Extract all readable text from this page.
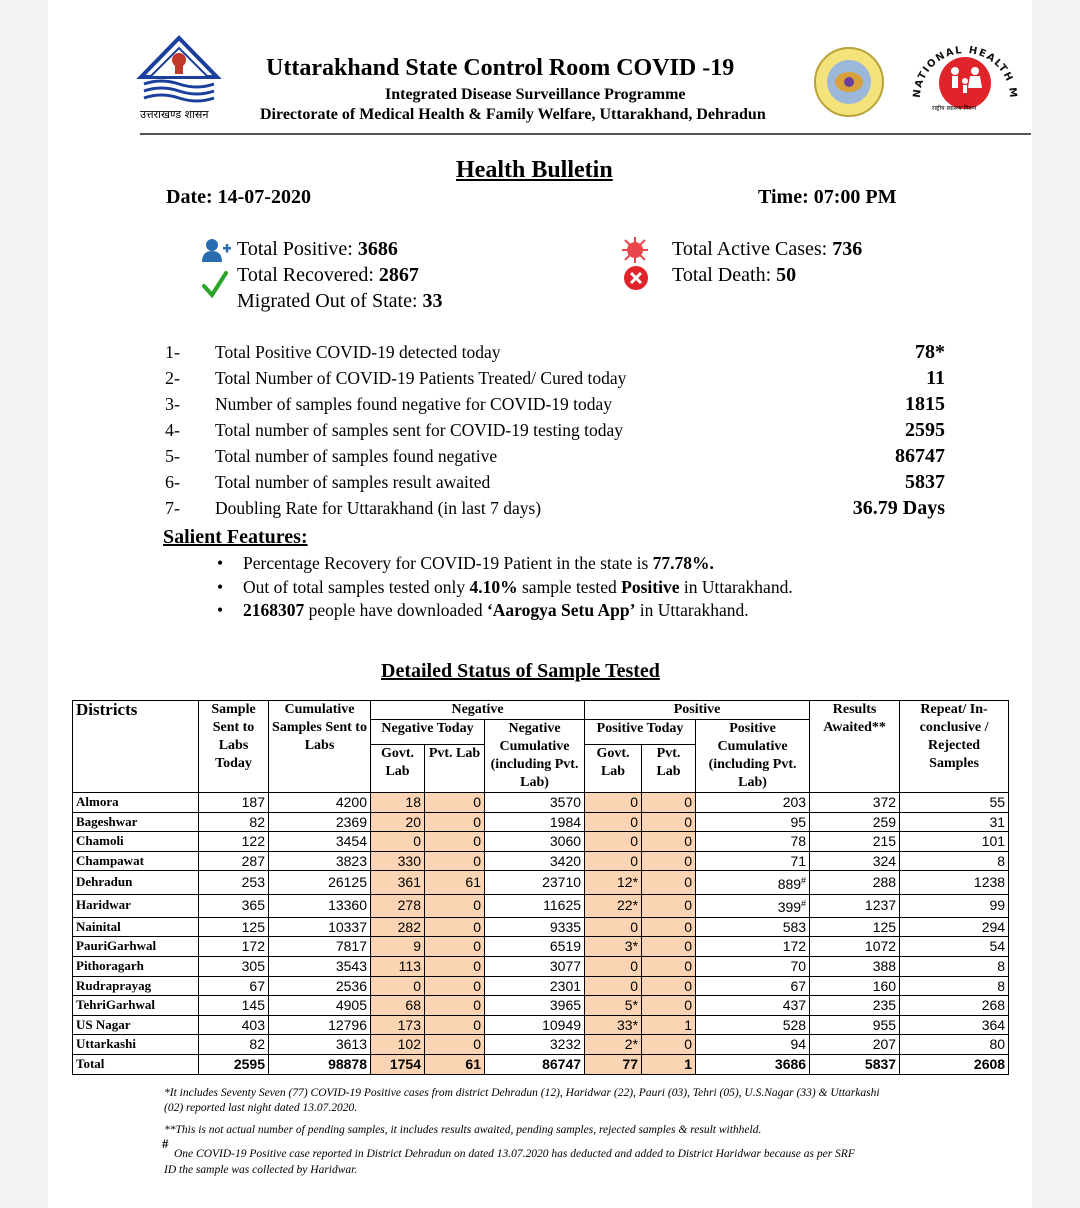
उत्तराखण्ड शासन
Uttarakhand State Control Room COVID -19
Integrated Disease Surveillance Programme
Directorate of Medical Health & Family Welfare, Uttarakhand, Dehradun
NATIONAL HEALTH M
राष्ट्रीय स्वास्थ्य मिशन
Health Bulletin
Date: 14-07-2020	Time: 07:00 PM
Total Positive: 3686
Total Recovered: 2867
Migrated Out of State: 33
Total Active Cases: 736
Total Death: 50
1- Total Positive COVID-19 detected today	78*
2- Total Number of COVID-19 Patients Treated/ Cured today	11
3- Number of samples found negative for COVID-19 today	1815
4- Total number of samples sent for COVID-19 testing today	2595
5- Total number of samples found negative	86747
6- Total number of samples result awaited	5837
7- Doubling Rate for Uttarakhand (in last 7 days)	36.79 Days
Salient Features:
• Percentage Recovery for COVID-19 Patient in the state is 77.78%.
• Out of total samples tested only 4.10% sample tested Positive in Uttarakhand.
• 2168307 people have downloaded ‘Aarogya Setu App’ in Uttarakhand.
Detailed Status of Sample Tested
Districts	Sample Sent to Labs Today	Cumulative Samples Sent to Labs	Negative			Positive			Results Awaited**	Repeat/ In-conclusive / Rejected Samples
			Negative Today		Negative Cumulative (including Pvt. Lab)	Positive Today		Positive Cumulative (including Pvt. Lab)		
			Govt. Lab	Pvt. Lab		Govt. Lab	Pvt. Lab			
Almora	187	4200	18	0	3570	0	0	203	372	55
Bageshwar	82	2369	20	0	1984	0	0	95	259	31
Chamoli	122	3454	0	0	3060	0	0	78	215	101
Champawat	287	3823	330	0	3420	0	0	71	324	8
Dehradun	253	26125	361	61	23710	12*	0	889#	288	1238
Haridwar	365	13360	278	0	11625	22*	0	399#	1237	99
Nainital	125	10337	282	0	9335	0	0	583	125	294
PauriGarhwal	172	7817	9	0	6519	3*	0	172	1072	54
Pithoragarh	305	3543	113	0	3077	0	0	70	388	8
Rudraprayag	67	2536	0	0	2301	0	0	67	160	8
TehriGarhwal	145	4905	68	0	3965	5*	0	437	235	268
US Nagar	403	12796	173	0	10949	33*	1	528	955	364
Uttarkashi	82	3613	102	0	3232	2*	0	94	207	80
Total	2595	98878	1754	61	86747	77	1	3686	5837	2608
*It includes Seventy Seven (77) COVID-19 Positive cases from district Dehradun (12), Haridwar (22), Pauri (03), Tehri (05), U.S.Nagar (33) & Uttarkashi
(02) reported last night dated 13.07.2020.
**This is not actual number of pending samples, it includes results awaited, pending samples, rejected samples & result withheld.
#
One COVID-19 Positive case reported in District Dehradun on dated 13.07.2020 has deducted and added to District Haridwar because as per SRF
ID the sample was collected by Haridwar.
